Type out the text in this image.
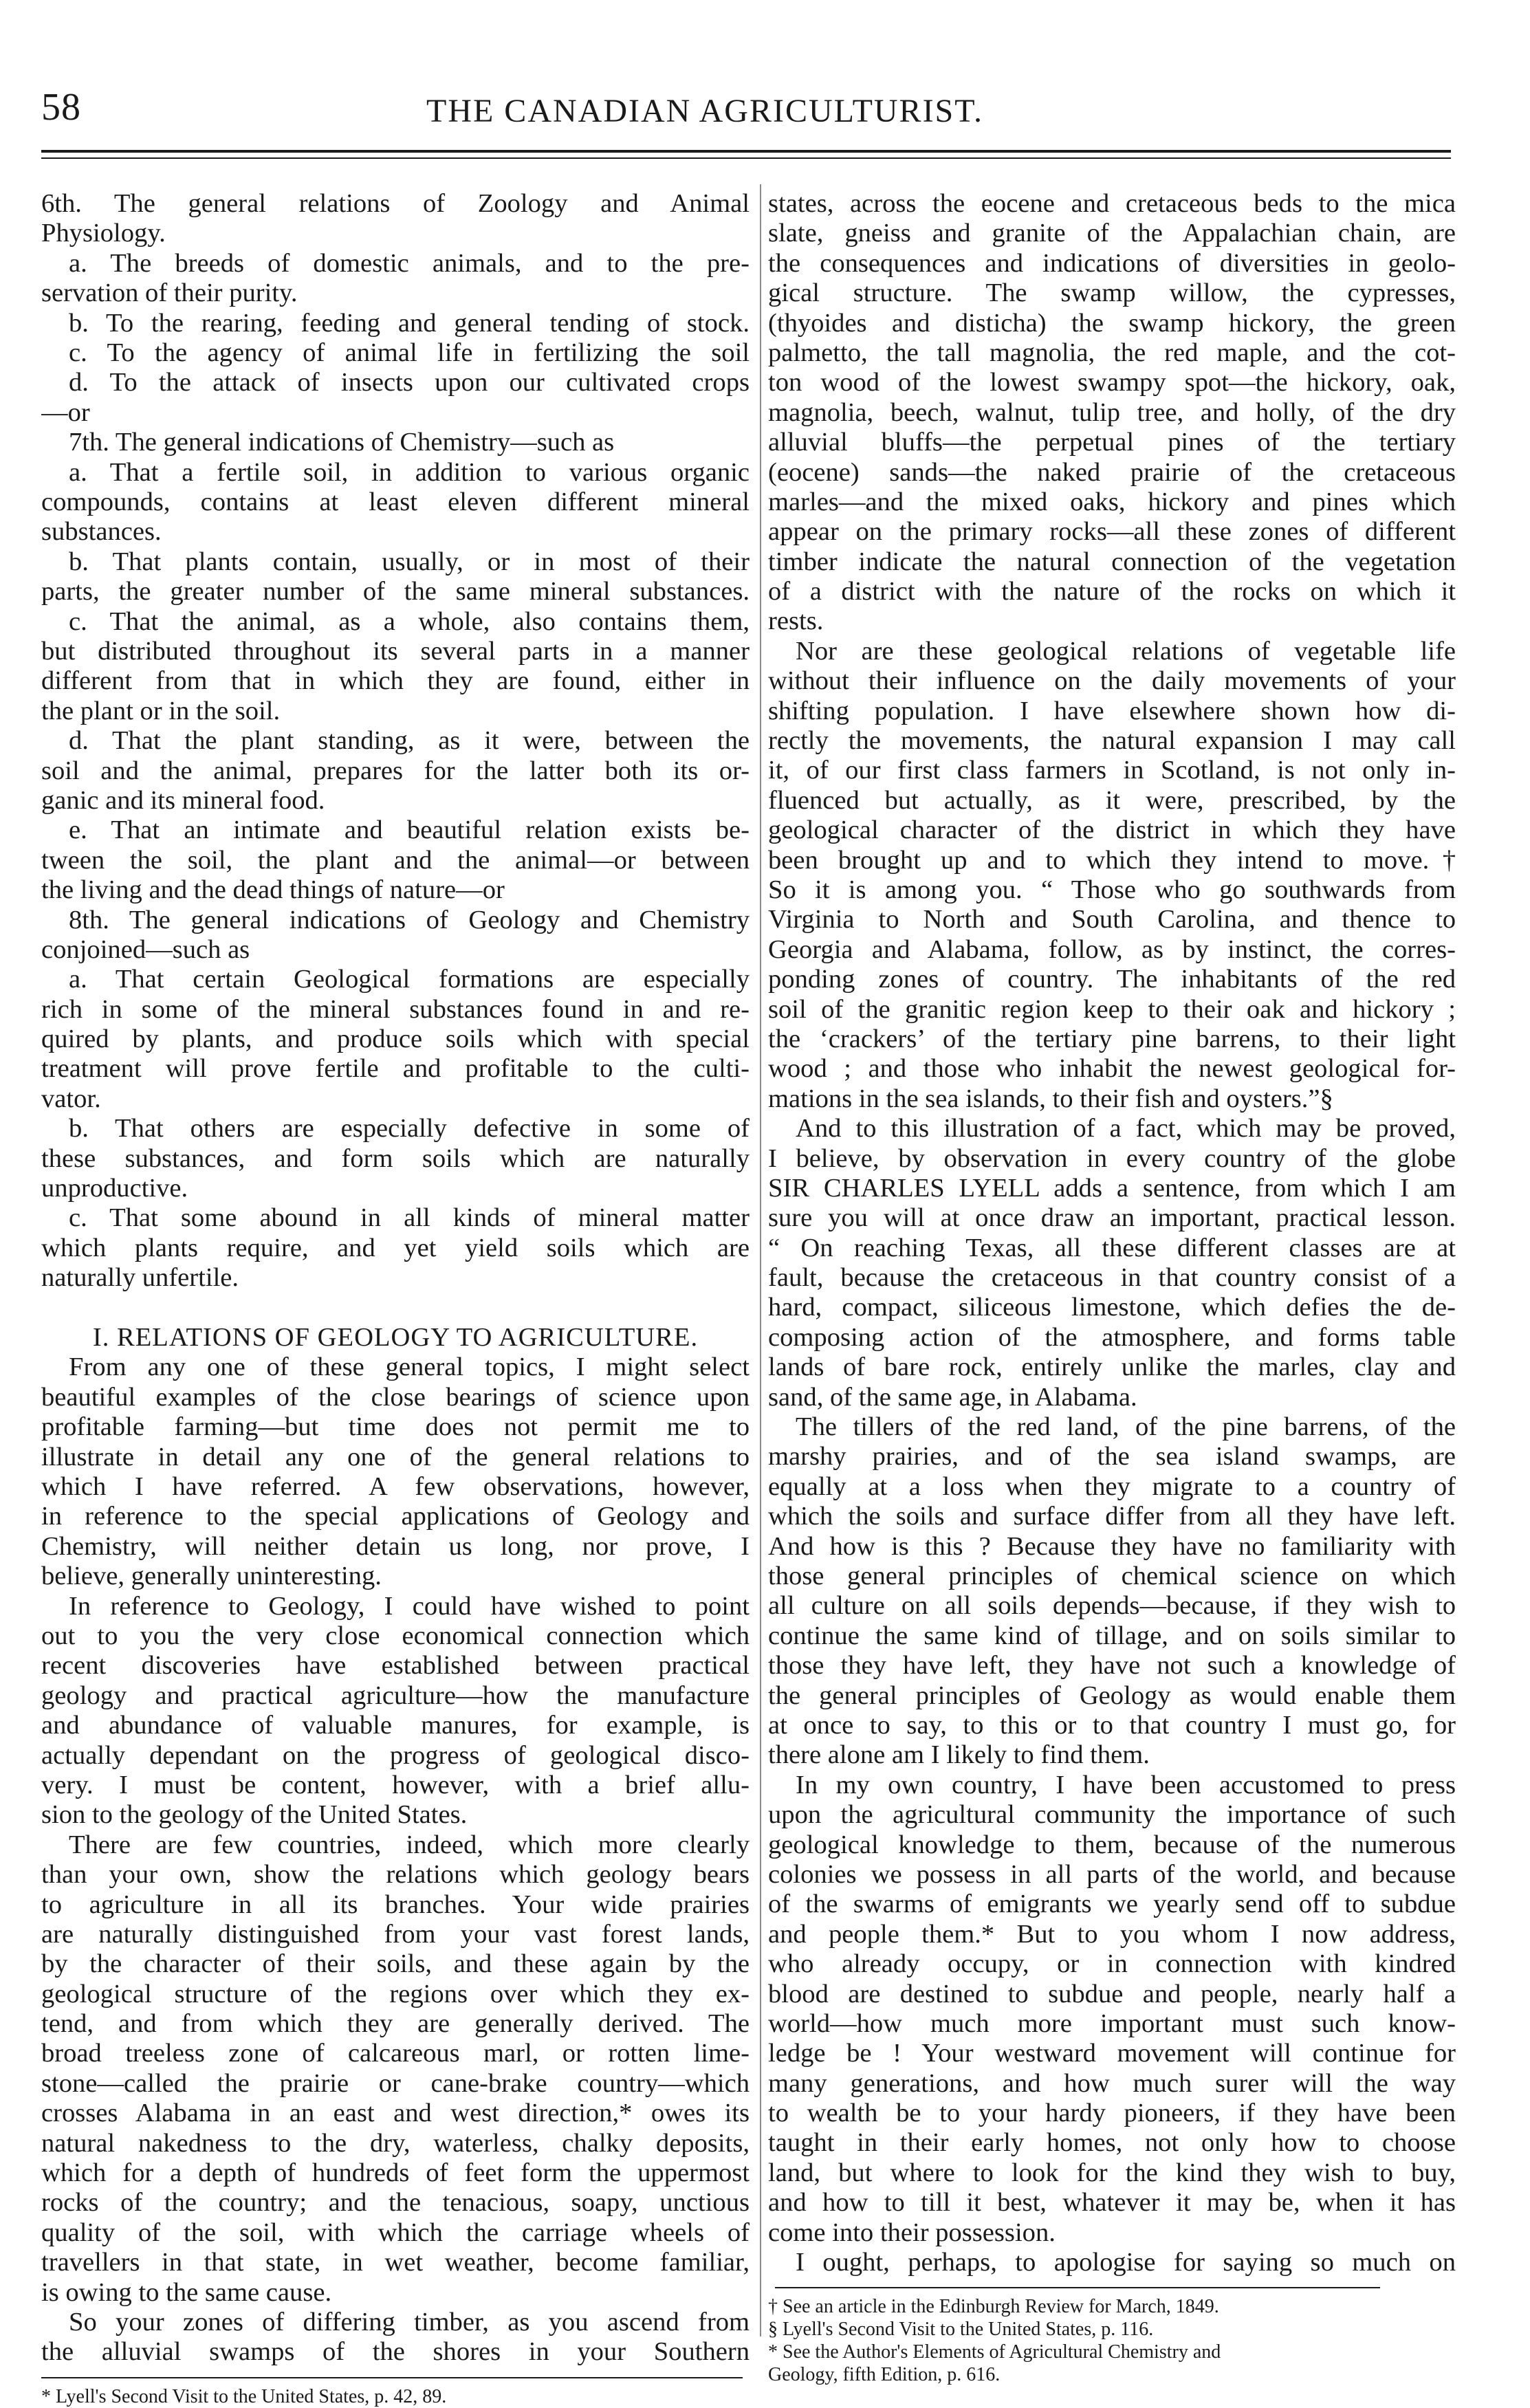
58	THE CANADIAN AGRICULTURIST.
6th. The general relations of Zoology and Animal
Physiology.
a. The breeds of domestic animals, and to the pre-
servation of their purity.
b. To the rearing, feeding and general tending of stock.
c. To the agency of animal life in fertilizing the soil
d. To the attack of insects upon our cultivated crops
—or
7th. The general indications of Chemistry—such as
a. That a fertile soil, in addition to various organic
compounds, contains at least eleven different mineral
substances.
b. That plants contain, usually, or in most of their
parts, the greater number of the same mineral substances.
c. That the animal, as a whole, also contains them,
but distributed throughout its several parts in a manner
different from that in which they are found, either in
the plant or in the soil.
d. That the plant standing, as it were, between the
soil and the animal, prepares for the latter both its or-
ganic and its mineral food.
e. That an intimate and beautiful relation exists be-
tween the soil, the plant and the animal—or between
the living and the dead things of nature—or
8th. The general indications of Geology and Chemistry
conjoined—such as
a. That certain Geological formations are especially
rich in some of the mineral substances found in and re-
quired by plants, and produce soils which with special
treatment will prove fertile and profitable to the culti-
vator.
b. That others are especially defective in some of
these substances, and form soils which are naturally
unproductive.
c. That some abound in all kinds of mineral matter
which plants require, and yet yield soils which are
naturally unfertile.

I. RELATIONS OF GEOLOGY TO AGRICULTURE.
From any one of these general topics, I might select
beautiful examples of the close bearings of science upon
profitable farming—but time does not permit me to
illustrate in detail any one of the general relations to
which I have referred. A few observations, however,
in reference to the special applications of Geology and
Chemistry, will neither detain us long, nor prove, I
believe, generally uninteresting.
In reference to Geology, I could have wished to point
out to you the very close economical connection which
recent discoveries have established between practical
geology and practical agriculture—how the manufacture
and abundance of valuable manures, for example, is
actually dependant on the progress of geological disco-
very. I must be content, however, with a brief allu-
sion to the geology of the United States.
There are few countries, indeed, which more clearly
than your own, show the relations which geology bears
to agriculture in all its branches. Your wide prairies
are naturally distinguished from your vast forest lands,
by the character of their soils, and these again by the
geological structure of the regions over which they ex-
tend, and from which they are generally derived. The
broad treeless zone of calcareous marl, or rotten lime-
stone—called the prairie or cane-brake country—which
crosses Alabama in an east and west direction,* owes its
natural nakedness to the dry, waterless, chalky deposits,
which for a depth of hundreds of feet form the uppermost
rocks of the country; and the tenacious, soapy, unctious
quality of the soil, with which the carriage wheels of
travellers in that state, in wet weather, become familiar,
is owing to the same cause.
So your zones of differing timber, as you ascend from
the alluvial swamps of the shores in your Southern
* Lyell's Second Visit to the United States, p. 42, 89.
states, across the eocene and cretaceous beds to the mica
slate, gneiss and granite of the Appalachian chain, are
the consequences and indications of diversities in geolo-
gical structure. The swamp willow, the cypresses,
(thyoides and disticha) the swamp hickory, the green
palmetto, the tall magnolia, the red maple, and the cot-
ton wood of the lowest swampy spot—the hickory, oak,
magnolia, beech, walnut, tulip tree, and holly, of the dry
alluvial bluffs—the perpetual pines of the tertiary
(eocene) sands—the naked prairie of the cretaceous
marles—and the mixed oaks, hickory and pines which
appear on the primary rocks—all these zones of different
timber indicate the natural connection of the vegetation
of a district with the nature of the rocks on which it
rests.
Nor are these geological relations of vegetable life
without their influence on the daily movements of your
shifting population. I have elsewhere shown how di-
rectly the movements, the natural expansion I may call
it, of our first class farmers in Scotland, is not only in-
fluenced but actually, as it were, prescribed, by the
geological character of the district in which they have
been brought up and to which they intend to move.†
So it is among you. “ Those who go southwards from
Virginia to North and South Carolina, and thence to
Georgia and Alabama, follow, as by instinct, the corres-
ponding zones of country. The inhabitants of the red
soil of the granitic region keep to their oak and hickory ;
the ‘crackers’ of the tertiary pine barrens, to their light
wood ; and those who inhabit the newest geological for-
mations in the sea islands, to their fish and oysters.”§
And to this illustration of a fact, which may be proved,
I believe, by observation in every country of the globe
SIR CHARLES LYELL adds a sentence, from which I am
sure you will at once draw an important, practical lesson.
“ On reaching Texas, all these different classes are at
fault, because the cretaceous in that country consist of a
hard, compact, siliceous limestone, which defies the de-
composing action of the atmosphere, and forms table
lands of bare rock, entirely unlike the marles, clay and
sand, of the same age, in Alabama.
The tillers of the red land, of the pine barrens, of the
marshy prairies, and of the sea island swamps, are
equally at a loss when they migrate to a country of
which the soils and surface differ from all they have left.
And how is this ? Because they have no familiarity with
those general principles of chemical science on which
all culture on all soils depends—because, if they wish to
continue the same kind of tillage, and on soils similar to
those they have left, they have not such a knowledge of
the general principles of Geology as would enable them
at once to say, to this or to that country I must go, for
there alone am I likely to find them.
In my own country, I have been accustomed to press
upon the agricultural community the importance of such
geological knowledge to them, because of the numerous
colonies we possess in all parts of the world, and because
of the swarms of emigrants we yearly send off to subdue
and people them.* But to you whom I now address,
who already occupy, or in connection with kindred
blood are destined to subdue and people, nearly half a
world—how much more important must such know-
ledge be ! Your westward movement will continue for
many generations, and how much surer will the way
to wealth be to your hardy pioneers, if they have been
taught in their early homes, not only how to choose
land, but where to look for the kind they wish to buy,
and how to till it best, whatever it may be, when it has
come into their possession.
I ought, perhaps, to apologise for saying so much on
† See an article in the Edinburgh Review for March, 1849.
§ Lyell's Second Visit to the United States, p. 116.
* See the Author's Elements of Agricultural Chemistry and
Geology, fifth Edition, p. 616.
